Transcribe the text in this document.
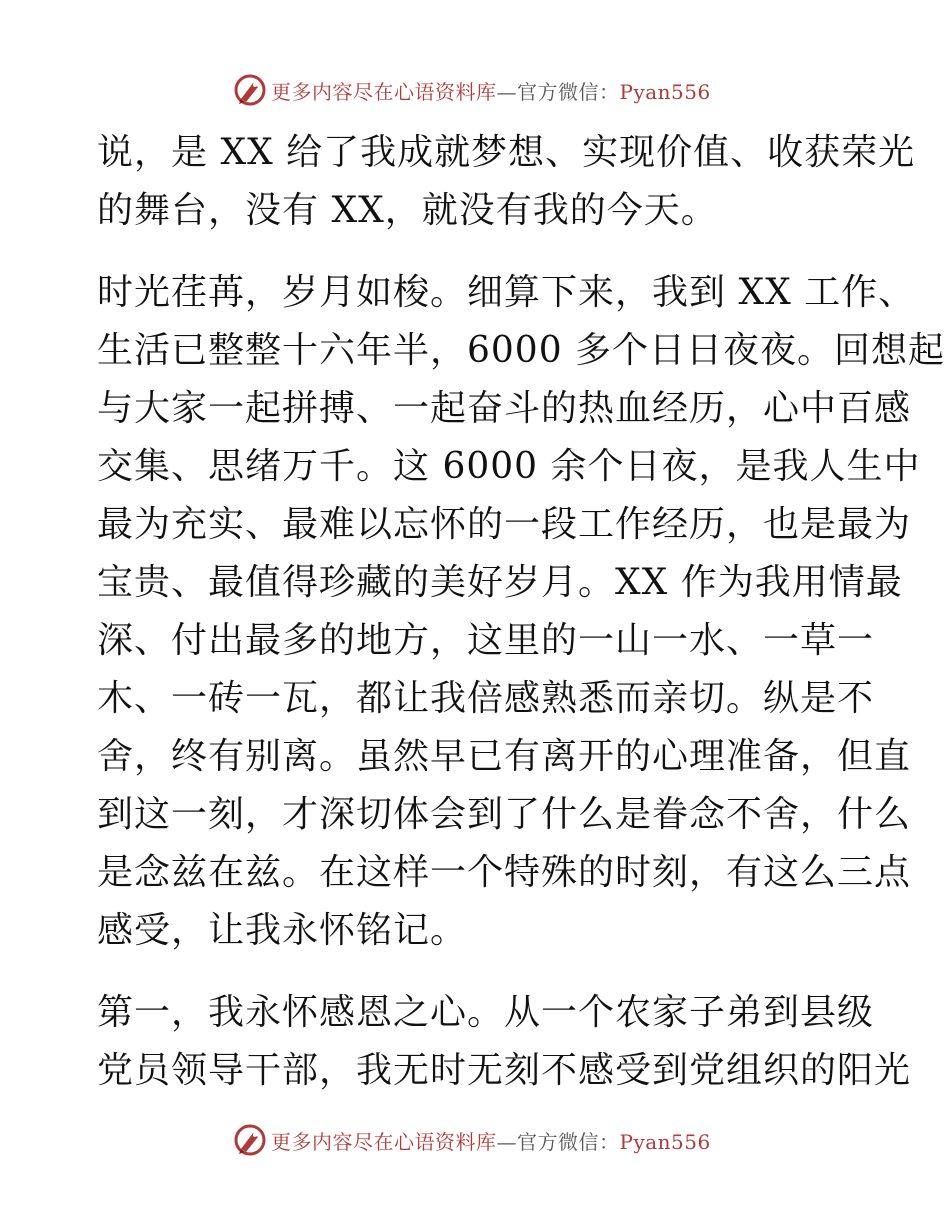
更多内容尽在心语资料库—官方微信：Pyan556
说，是 XX 给了我成就梦想、实现价值、收获荣光
的舞台，没有 XX，就没有我的今天。
时光荏苒，岁月如梭。细算下来，我到 XX 工作、
生活已整整十六年半，6000 多个日日夜夜。回想起
与大家一起拼搏、一起奋斗的热血经历，心中百感
交集、思绪万千。这 6000 余个日夜，是我人生中
最为充实、最难以忘怀的一段工作经历，也是最为
宝贵、最值得珍藏的美好岁月。XX 作为我用情最
深、付出最多的地方，这里的一山一水、一草一
木、一砖一瓦，都让我倍感熟悉而亲切。纵是不
舍，终有别离。虽然早已有离开的心理准备，但直
到这一刻，才深切体会到了什么是眷念不舍，什么
是念兹在兹。在这样一个特殊的时刻，有这么三点
感受，让我永怀铭记。
第一，我永怀感恩之心。从一个农家子弟到县级
党员领导干部，我无时无刻不感受到党组织的阳光
更多内容尽在心语资料库—官方微信：Pyan556
